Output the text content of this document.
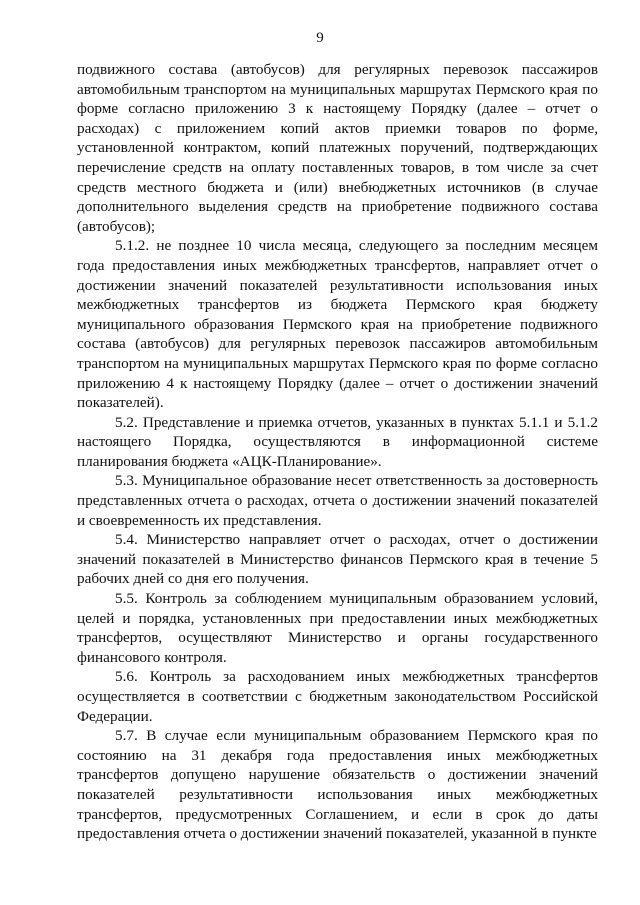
9

подвижного состава (автобусов) для регулярных перевозок пассажиров автомобильным транспортом на муниципальных маршрутах Пермского края по форме согласно приложению 3 к настоящему Порядку (далее – отчет о расходах) с приложением копий актов приемки товаров по форме, установленной контрактом, копий платежных поручений, подтверждающих перечисление средств на оплату поставленных товаров, в том числе за счет средств местного бюджета и (или) внебюджетных источников (в случае дополнительного выделения средств на приобретение подвижного состава (автобусов);

5.1.2. не позднее 10 числа месяца, следующего за последним месяцем года предоставления иных межбюджетных трансфертов, направляет отчет о достижении значений показателей результативности использования иных межбюджетных трансфертов из бюджета Пермского края бюджету муниципального образования Пермского края на приобретение подвижного состава (автобусов) для регулярных перевозок пассажиров автомобильным транспортом на муниципальных маршрутах Пермского края по форме согласно приложению 4 к настоящему Порядку (далее – отчет о достижении значений показателей).

5.2. Представление и приемка отчетов, указанных в пунктах 5.1.1 и 5.1.2 настоящего Порядка, осуществляются в информационной системе планирования бюджета «АЦК-Планирование».

5.3. Муниципальное образование несет ответственность за достоверность представленных отчета о расходах, отчета о достижении значений показателей и своевременность их представления.

5.4. Министерство направляет отчет о расходах, отчет о достижении значений показателей в Министерство финансов Пермского края в течение 5 рабочих дней со дня его получения.

5.5. Контроль за соблюдением муниципальным образованием условий, целей и порядка, установленных при предоставлении иных межбюджетных трансфертов, осуществляют Министерство и органы государственного финансового контроля.

5.6. Контроль за расходованием иных межбюджетных трансфертов осуществляется в соответствии с бюджетным законодательством Российской Федерации.

5.7. В случае если муниципальным образованием Пермского края по состоянию на 31 декабря года предоставления иных межбюджетных трансфертов допущено нарушение обязательств о достижении значений показателей результативности использования иных межбюджетных трансфертов, предусмотренных Соглашением, и если в срок до даты предоставления отчета о достижении значений показателей, указанной в пункте
